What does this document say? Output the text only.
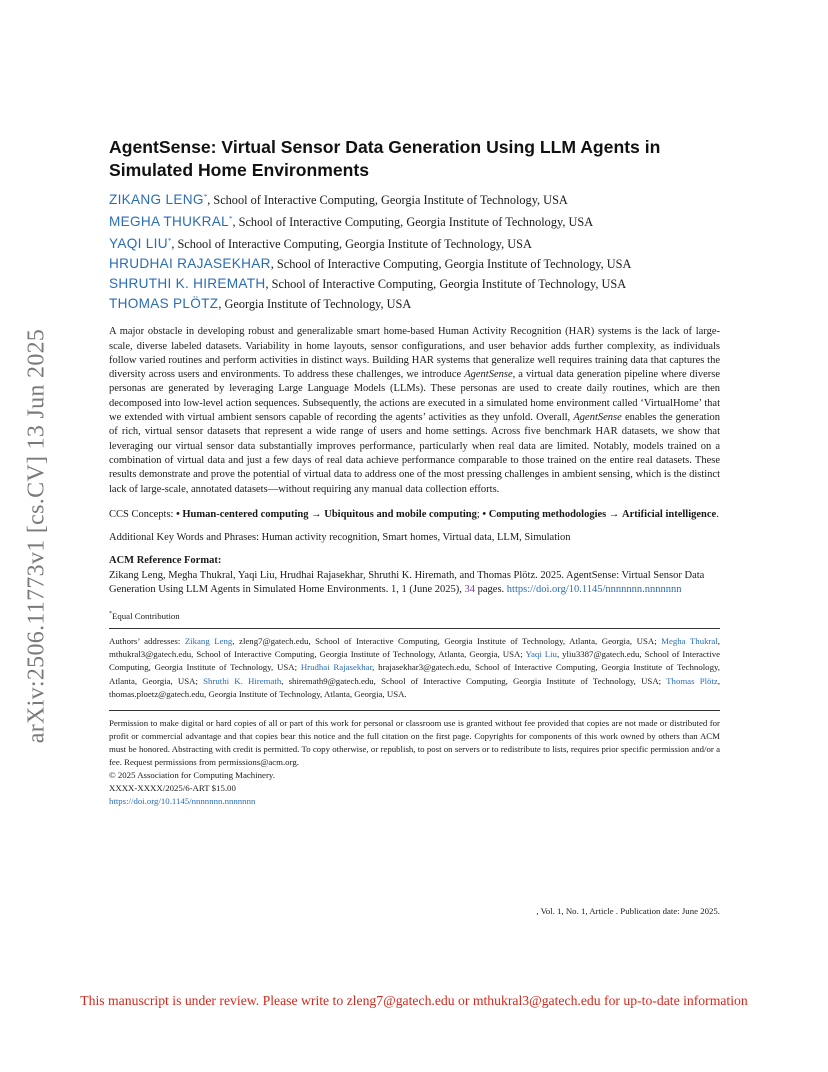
arXiv:2506.11773v1 [cs.CV] 13 Jun 2025
AgentSense: Virtual Sensor Data Generation Using LLM Agents in Simulated Home Environments
ZIKANG LENG*, School of Interactive Computing, Georgia Institute of Technology, USA
MEGHA THUKRAL*, School of Interactive Computing, Georgia Institute of Technology, USA
YAQI LIU*, School of Interactive Computing, Georgia Institute of Technology, USA
HRUDHAI RAJASEKHAR, School of Interactive Computing, Georgia Institute of Technology, USA
SHRUTHI K. HIREMATH, School of Interactive Computing, Georgia Institute of Technology, USA
THOMAS PLÖTZ, Georgia Institute of Technology, USA

A major obstacle in developing robust and generalizable smart home-based Human Activity Recognition (HAR) systems is the lack of large-scale, diverse labeled datasets. Variability in home layouts, sensor configurations, and user behavior adds further complexity, as individuals follow varied routines and perform activities in distinct ways. Building HAR systems that generalize well requires training data that captures the diversity across users and environments. To address these challenges, we introduce AgentSense, a virtual data generation pipeline where diverse personas are generated by leveraging Large Language Models (LLMs). These personas are used to create daily routines, which are then decomposed into low-level action sequences. Subsequently, the actions are executed in a simulated home environment called ‘VirtualHome’ that we extended with virtual ambient sensors capable of recording the agents’ activities as they unfold. Overall, AgentSense enables the generation of rich, virtual sensor datasets that represent a wide range of users and home settings. Across five benchmark HAR datasets, we show that leveraging our virtual sensor data substantially improves performance, particularly when real data are limited. Notably, models trained on a combination of virtual data and just a few days of real data achieve performance comparable to those trained on the entire real datasets. These results demonstrate and prove the potential of virtual data to address one of the most pressing challenges in ambient sensing, which is the distinct lack of large-scale, annotated datasets—without requiring any manual data collection efforts.

CCS Concepts: • Human-centered computing → Ubiquitous and mobile computing; • Computing methodologies → Artificial intelligence.

Additional Key Words and Phrases: Human activity recognition, Smart homes, Virtual data, LLM, Simulation

ACM Reference Format:

Zikang Leng, Megha Thukral, Yaqi Liu, Hrudhai Rajasekhar, Shruthi K. Hiremath, and Thomas Plötz. 2025. AgentSense: Virtual Sensor Data Generation Using LLM Agents in Simulated Home Environments. 1, 1 (June 2025), 34 pages. https://doi.org/10.1145/nnnnnnn.nnnnnnn

*Equal Contribution

Authors’ addresses: Zikang Leng, zleng7@gatech.edu, School of Interactive Computing, Georgia Institute of Technology, Atlanta, Georgia, USA; Megha Thukral, mthukral3@gatech.edu, School of Interactive Computing, Georgia Institute of Technology, Atlanta, Georgia, USA; Yaqi Liu, yliu3387@gatech.edu, School of Interactive Computing, Georgia Institute of Technology, USA; Hrudhai Rajasekhar, hrajasekhar3@gatech.edu, School of Interactive Computing, Georgia Institute of Technology, Atlanta, Georgia, USA; Shruthi K. Hiremath, shiremath9@gatech.edu, School of Interactive Computing, Georgia Institute of Technology, USA; Thomas Plötz, thomas.ploetz@gatech.edu, Georgia Institute of Technology, Atlanta, Georgia, USA.

Permission to make digital or hard copies of all or part of this work for personal or classroom use is granted without fee provided that copies are not made or distributed for profit or commercial advantage and that copies bear this notice and the full citation on the first page. Copyrights for components of this work owned by others than ACM must be honored. Abstracting with credit is permitted. To copy otherwise, or republish, to post on servers or to redistribute to lists, requires prior specific permission and/or a fee. Request permissions from permissions@acm.org.

© 2025 Association for Computing Machinery.

XXXX-XXXX/2025/6-ART $15.00

https://doi.org/10.1145/nnnnnnn.nnnnnnn

, Vol. 1, No. 1, Article . Publication date: June 2025.
This manuscript is under review. Please write to zleng7@gatech.edu or mthukral3@gatech.edu for up-to-date information
